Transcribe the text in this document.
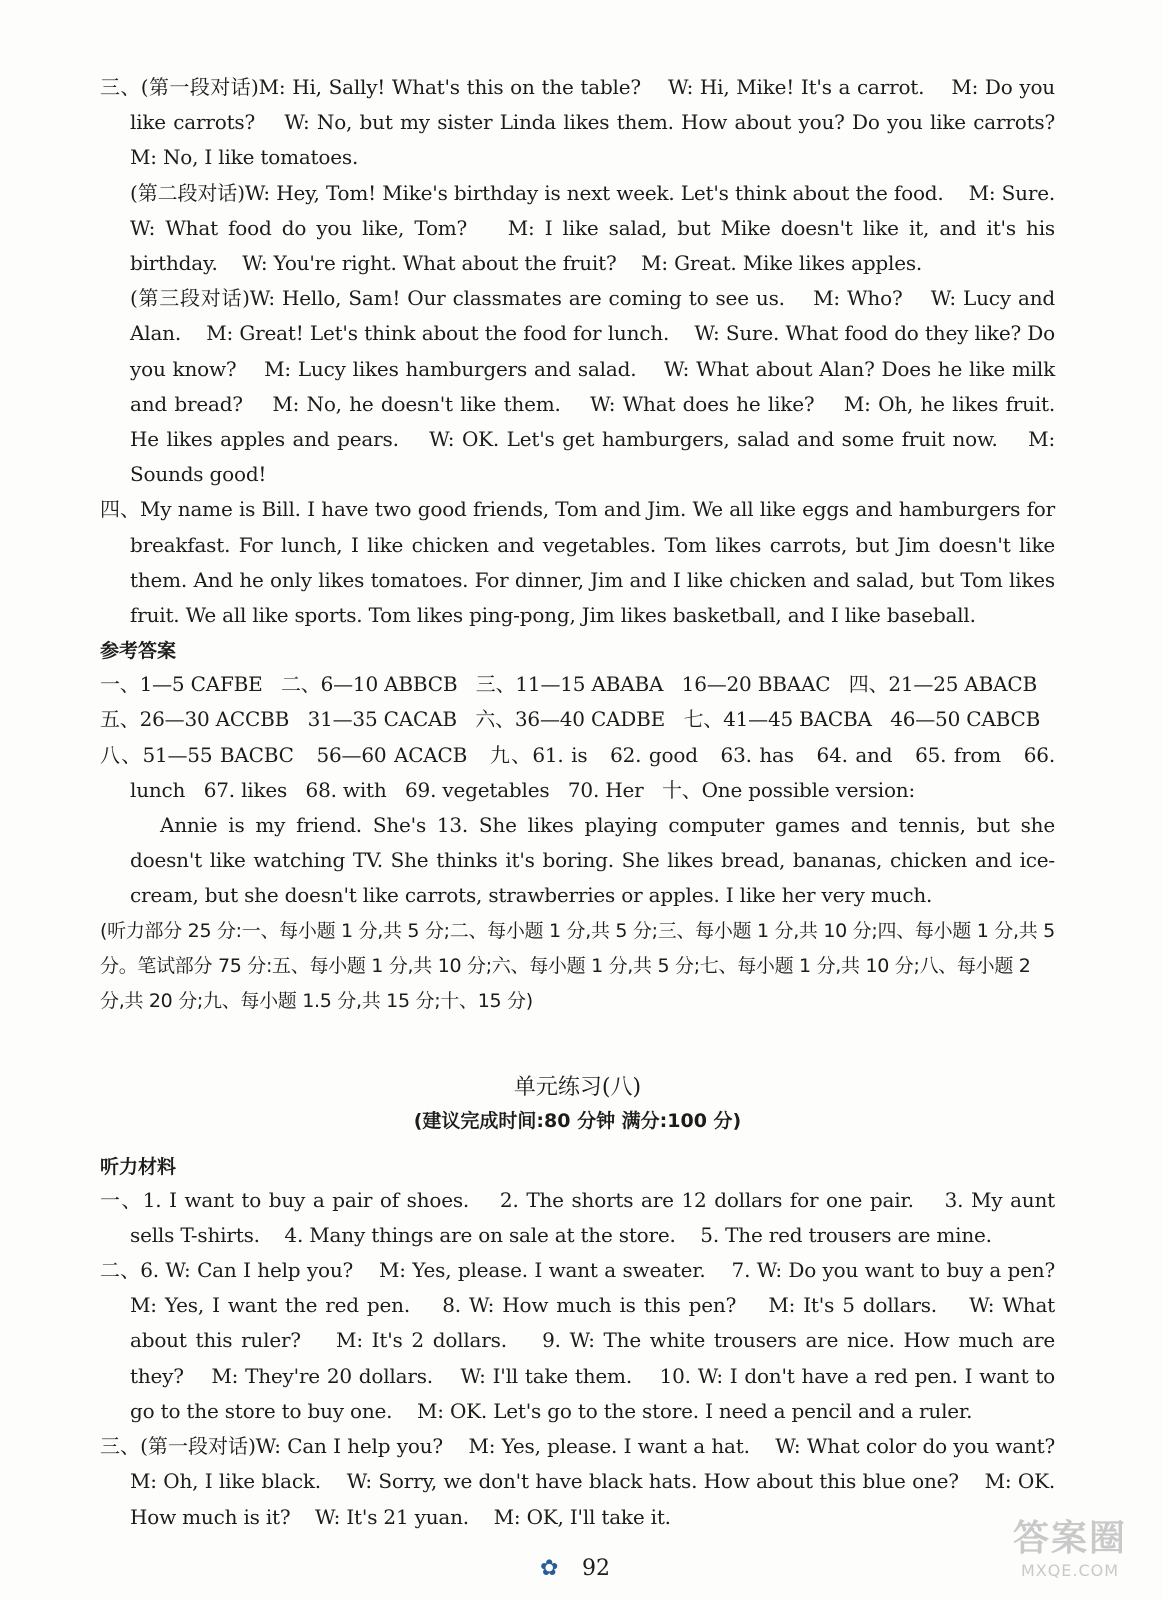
三、(第一段对话)M: Hi, Sally! What's this on the table?    W: Hi, Mike! It's a carrot.    M: Do you like carrots?    W: No, but my sister Linda likes them. How about you? Do you like carrots?    M: No, I like tomatoes.

(第二段对话)W: Hey, Tom! Mike's birthday is next week. Let's think about the food.    M: Sure.    W: What food do you like, Tom?    M: I like salad, but Mike doesn't like it, and it's his birthday.    W: You're right. What about the fruit?    M: Great. Mike likes apples.

(第三段对话)W: Hello, Sam! Our classmates are coming to see us.    M: Who?    W: Lucy and Alan.    M: Great! Let's think about the food for lunch.    W: Sure. What food do they like? Do you know?    M: Lucy likes hamburgers and salad.    W: What about Alan? Does he like milk and bread?    M: No, he doesn't like them.    W: What does he like?    M: Oh, he likes fruit. He likes apples and pears.    W: OK. Let's get hamburgers, salad and some fruit now.    M: Sounds good!

四、My name is Bill. I have two good friends, Tom and Jim. We all like eggs and hamburgers for breakfast. For lunch, I like chicken and vegetables. Tom likes carrots, but Jim doesn't like them. And he only likes tomatoes. For dinner, Jim and I like chicken and salad, but Tom likes fruit. We all like sports. Tom likes ping-pong, Jim likes basketball, and I like baseball.

参考答案

一、1—5 CAFBE   二、6—10 ABBCB   三、11—15 ABABA   16—20 BBAAC   四、21—25 ABACB

五、26—30 ACCBB   31—35 CACAB   六、36—40 CADBE   七、41—45 BACBA   46—50 CABCB

八、51—55 BACBC   56—60 ACACB   九、61. is   62. good   63. has   64. and   65. from   66. lunch   67. likes   68. with   69. vegetables   70. Her   十、One possible version:

Annie is my friend. She's 13. She likes playing computer games and tennis, but she doesn't like watching TV. She thinks it's boring. She likes bread, bananas, chicken and ice-cream, but she doesn't like carrots, strawberries or apples. I like her very much.

(听力部分 25 分:一、每小题 1 分,共 5 分;二、每小题 1 分,共 5 分;三、每小题 1 分,共 10 分;四、每小题 1 分,共 5 分。笔试部分 75 分:五、每小题 1 分,共 10 分;六、每小题 1 分,共 5 分;七、每小题 1 分,共 10 分;八、每小题 2 分,共 20 分;九、每小题 1.5 分,共 15 分;十、15 分)

单元练习(八)
(建议完成时间:80 分钟 满分:100 分)

听力材料

一、1. I want to buy a pair of shoes.    2. The shorts are 12 dollars for one pair.    3. My aunt sells T-shirts.    4. Many things are on sale at the store.    5. The red trousers are mine.

二、6. W: Can I help you?    M: Yes, please. I want a sweater.    7. W: Do you want to buy a pen?    M: Yes, I want the red pen.    8. W: How much is this pen?    M: It's 5 dollars.    W: What about this ruler?    M: It's 2 dollars.    9. W: The white trousers are nice. How much are they?    M: They're 20 dollars.    W: I'll take them.    10. W: I don't have a red pen. I want to go to the store to buy one.    M: OK. Let's go to the store. I need a pencil and a ruler.

三、(第一段对话)W: Can I help you?    M: Yes, please. I want a hat.    W: What color do you want?    M: Oh, I like black.    W: Sorry, we don't have black hats. How about this blue one?    M: OK. How much is it?    W: It's 21 yuan.    M: OK, I'll take it.

✿ 92
答案圈
MXQE.COM
